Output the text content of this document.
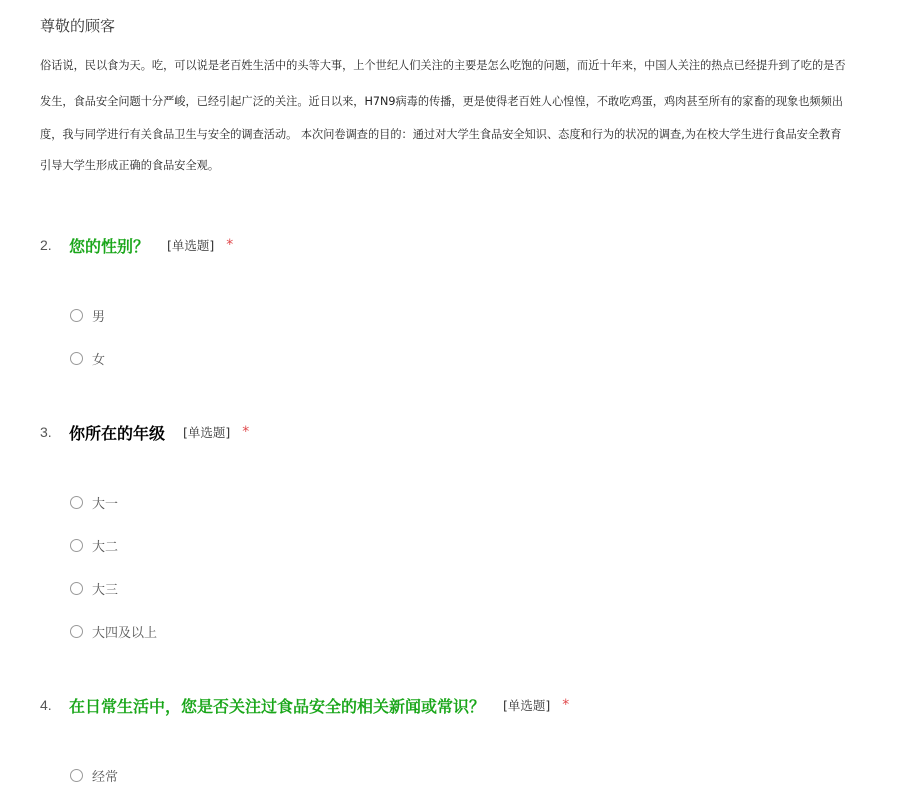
尊敬的顾客
俗话说，民以食为天。吃，可以说是老百姓生活中的头等大事，上个世纪人们关注的主要是怎么吃饱的问题，而近十年来，中国人关注的热点已经提升到了吃的是否
发生，食品安全问题十分严峻，已经引起广泛的关注。近日以来，H7N9病毒的传播，更是使得老百姓人心惶惶，不敢吃鸡蛋，鸡肉甚至所有的家畜的现象也频频出
度，我与同学进行有关食品卫生与安全的调查活动。 本次问卷调查的目的：通过对大学生食品安全知识、态度和行为的状况的调查,为在校大学生进行食品安全教育
引导大学生形成正确的食品安全观。
2.	您的性别？ [单选题] *
男
女
3.	你所在的年级 [单选题] *
大一
大二
大三
大四及以上
4.	在日常生活中，您是否关注过食品安全的相关新闻或常识？ [单选题] *
经常
